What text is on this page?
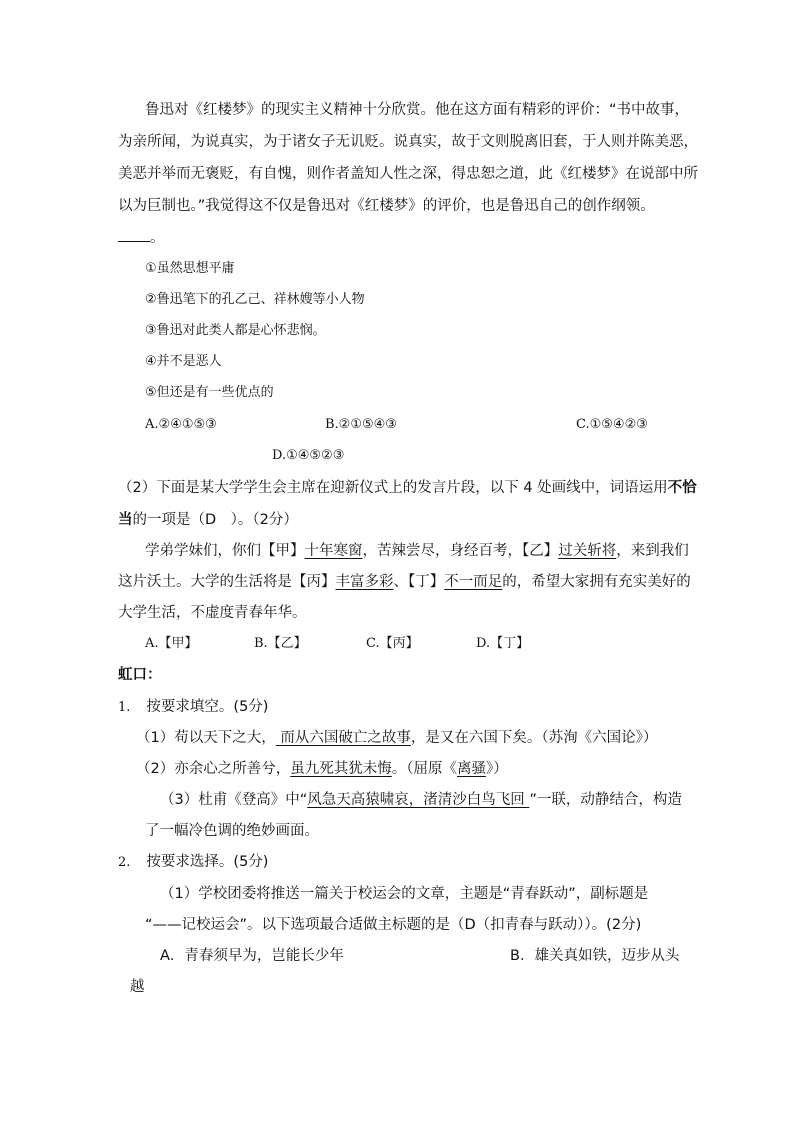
鲁迅对《红楼梦》的现实主义精神十分欣赏。他在这方面有精彩的评价：“书中故事，
为亲所闻，为说真实，为于诸女子无讥贬。说真实，故于文则脱离旧套，于人则并陈美恶，
美恶并举而无褒贬，有自愧，则作者盖知人性之深，得忠恕之道，此《红楼梦》在说部中所
以为巨制也。”我觉得这不仅是鲁迅对《红楼梦》的评价，也是鲁迅自己的创作纲领。
。
①虽然思想平庸
②鲁迅笔下的孔乙己、祥林嫂等小人物
③鲁迅对此类人都是心怀悲悯。
④并不是恶人
⑤但还是有一些优点的
A.②④①⑤③	B.②①⑤④③	C.①⑤④②③
D.①④⑤②③
（2）下面是某大学学生会主席在迎新仪式上的发言片段，以下 4 处画线中，词语运用不恰
当的一项是（D　）。（2分）
学弟学妹们，你们【甲】十年寒窗，苦辣尝尽，身经百考，【乙】过关斩将，来到我们
这片沃土。大学的生活将是【丙】丰富多彩、【丁】不一而足的，希望大家拥有充实美好的
大学生活，不虚度青春年华。
A.【甲】	B.【乙】	C.【丙】	D.【丁】
虹口：
1. 按要求填空。(5分)
（1）苟以天下之大， 而从六国破亡之故事，是又在六国下矣。（苏洵《六国论》）
（2）亦余心之所善兮，虽九死其犹未悔。（屈原《离骚》）
（3）杜甫《登高》中“风急天高猿啸哀，渚清沙白鸟飞回 ”一联，动静结合，构造
了一幅冷色调的绝妙画面。
2. 按要求选择。(5分)
（1）学校团委将推送一篇关于校运会的文章，主题是“青春跃动”，副标题是
“——记校运会”。以下选项最合适做主标题的是（D（扣青春与跃动））。(2分)
A．青春须早为，岂能长少年	B．雄关真如铁，迈步从头
越
